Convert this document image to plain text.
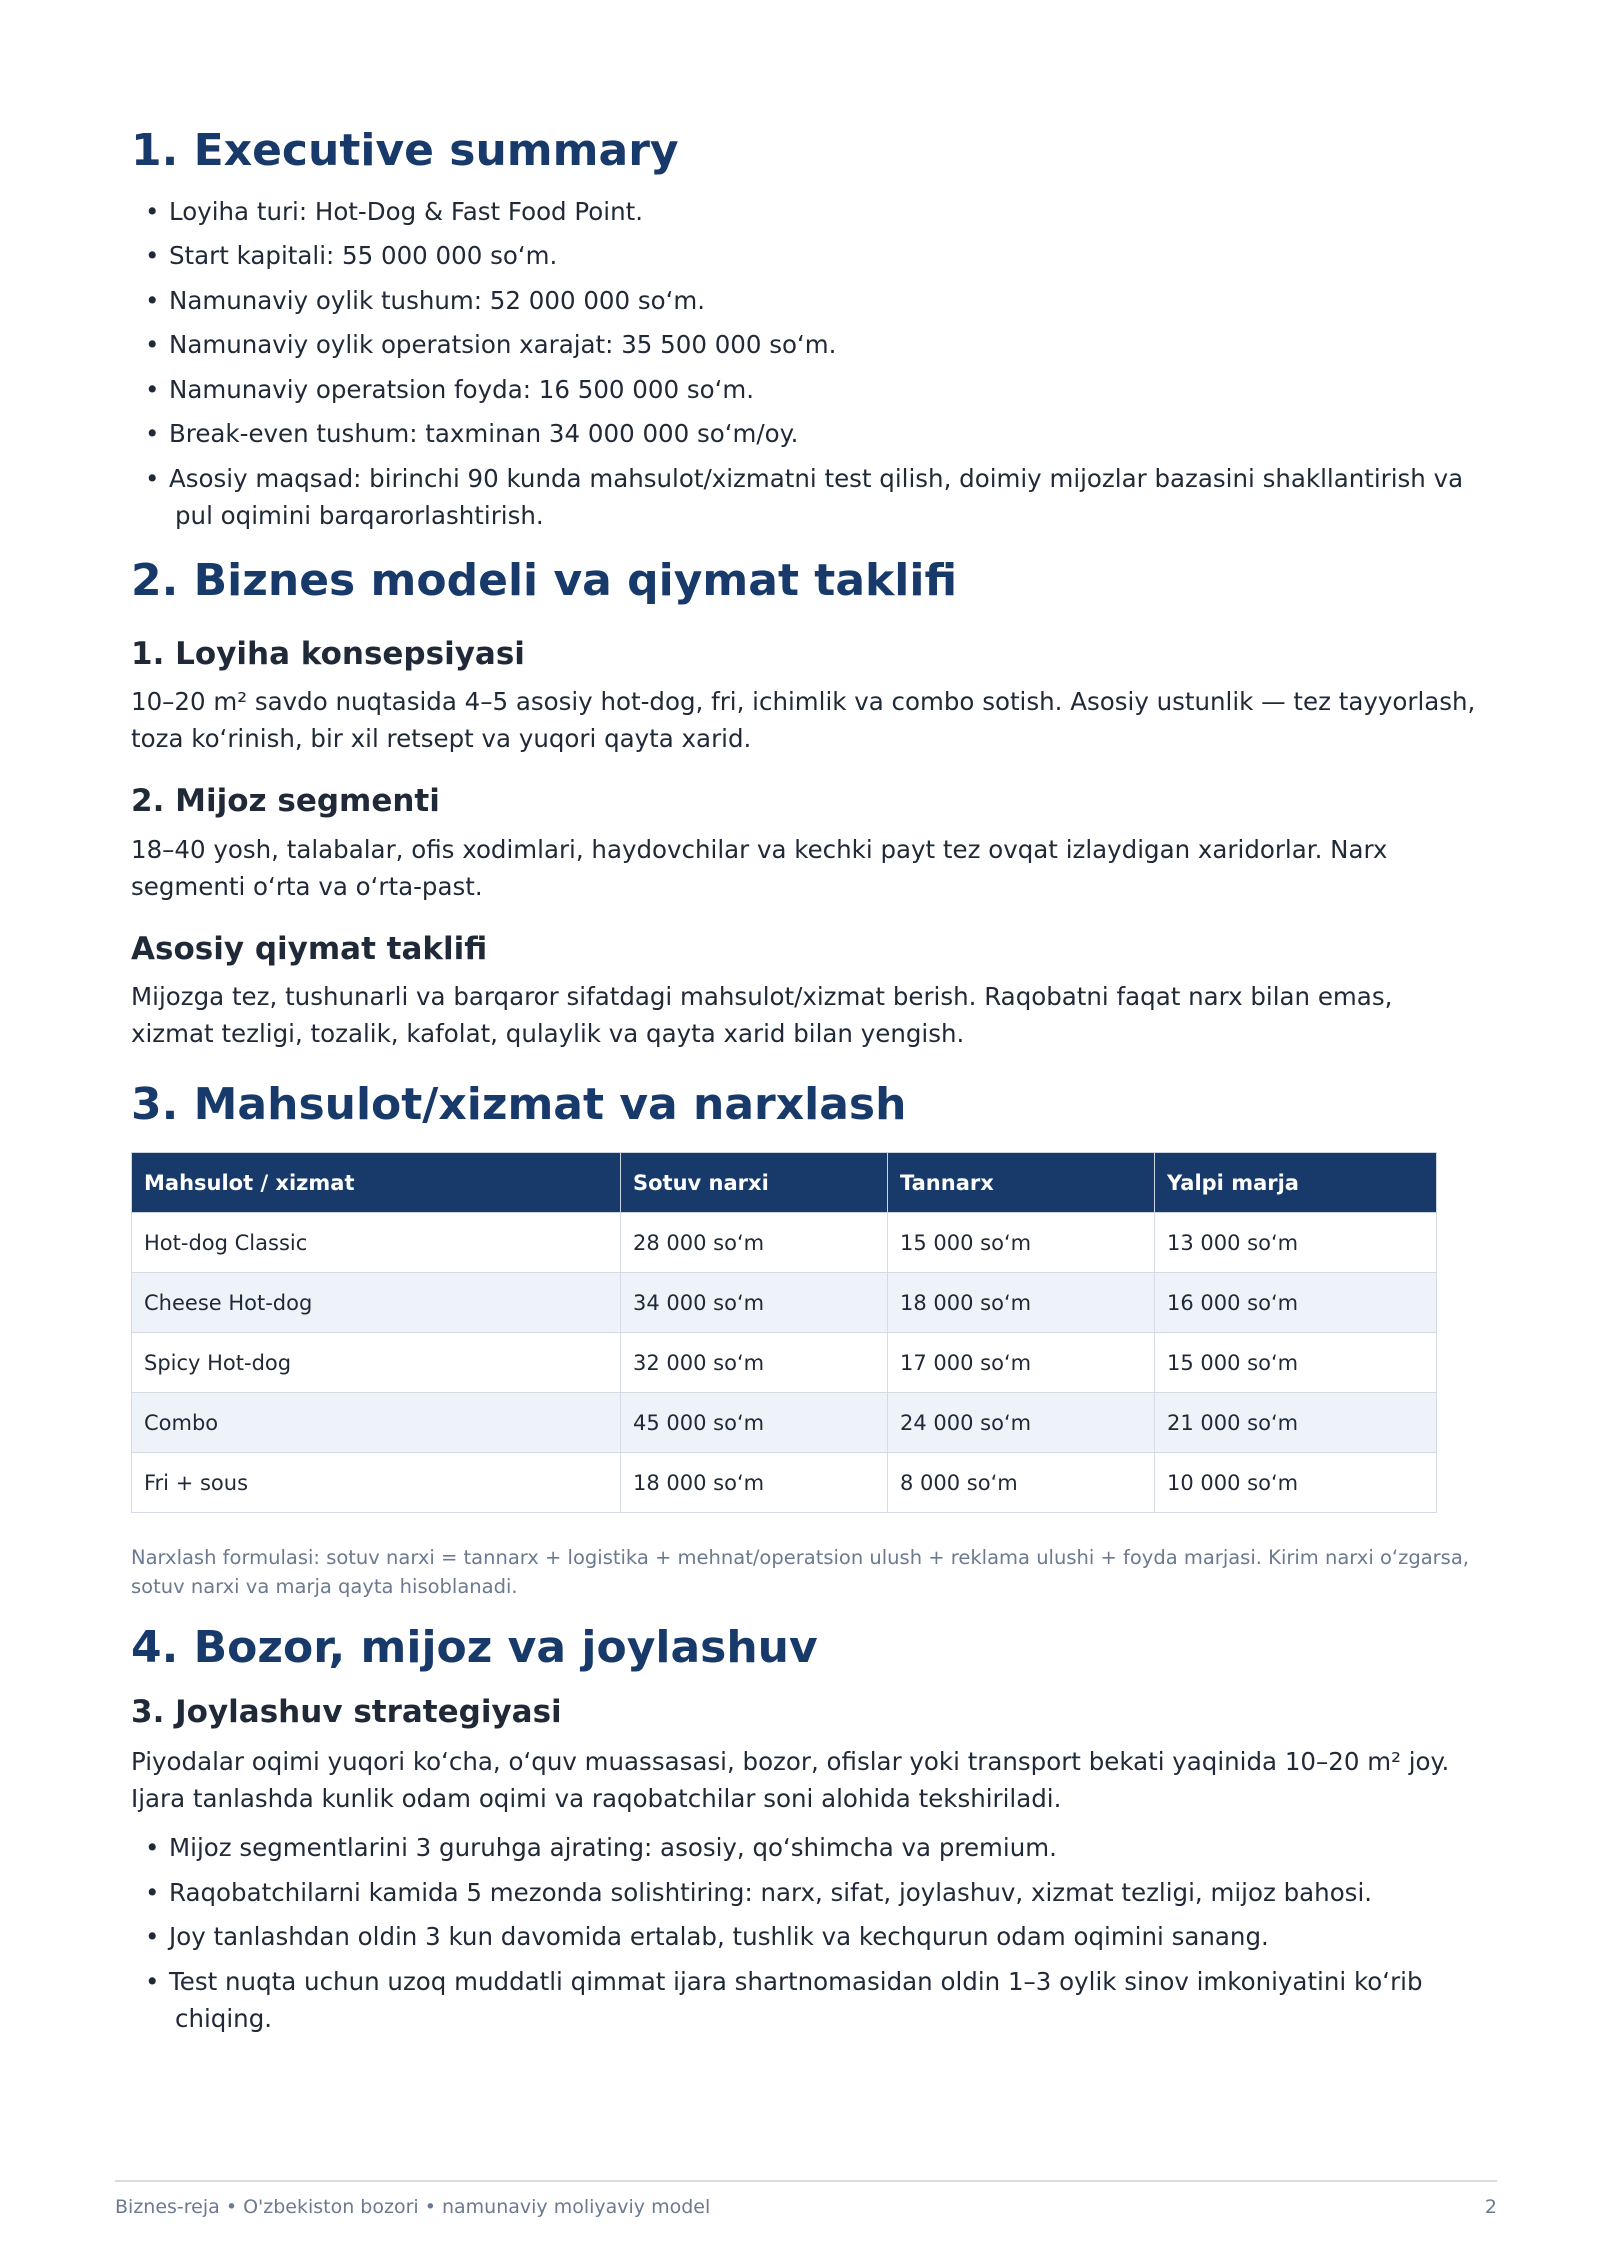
1. Executive summary
• Loyiha turi: Hot-Dog & Fast Food Point.
• Start kapitali: 55 000 000 so‘m.
• Namunaviy oylik tushum: 52 000 000 so‘m.
• Namunaviy oylik operatsion xarajat: 35 500 000 so‘m.
• Namunaviy operatsion foyda: 16 500 000 so‘m.
• Break-even tushum: taxminan 34 000 000 so‘m/oy.
• Asosiy maqsad: birinchi 90 kunda mahsulot/xizmatni test qilish, doimiy mijozlar bazasini shakllantirish va pul oqimini barqarorlashtirish.
2. Biznes modeli va qiymat taklifi
1. Loyiha konsepsiyasi

10–20 m² savdo nuqtasida 4–5 asosiy hot-dog, fri, ichimlik va combo sotish. Asosiy ustunlik — tez tayyorlash, toza ko‘rinish, bir xil retsept va yuqori qayta xarid.

2. Mijoz segmenti

18–40 yosh, talabalar, ofis xodimlari, haydovchilar va kechki payt tez ovqat izlaydigan xaridorlar. Narx segmenti o‘rta va o‘rta-past.

Asosiy qiymat taklifi

Mijozga tez, tushunarli va barqaror sifatdagi mahsulot/xizmat berish. Raqobatni faqat narx bilan emas, xizmat tezligi, tozalik, kafolat, qulaylik va qayta xarid bilan yengish.

3. Mahsulot/xizmat va narxlash
Mahsulot / xizmat	Sotuv narxi	Tannarx	Yalpi marja
Hot-dog Classic	28 000 so‘m	15 000 so‘m	13 000 so‘m
Cheese Hot-dog	34 000 so‘m	18 000 so‘m	16 000 so‘m
Spicy Hot-dog	32 000 so‘m	17 000 so‘m	15 000 so‘m
Combo	45 000 so‘m	24 000 so‘m	21 000 so‘m
Fri + sous	18 000 so‘m	8 000 so‘m	10 000 so‘m

Narxlash formulasi: sotuv narxi = tannarx + logistika + mehnat/operatsion ulush + reklama ulushi + foyda marjasi. Kirim narxi o‘zgarsa, sotuv narxi va marja qayta hisoblanadi.

4. Bozor, mijoz va joylashuv
3. Joylashuv strategiyasi

Piyodalar oqimi yuqori ko‘cha, o‘quv muassasasi, bozor, ofislar yoki transport bekati yaqinida 10–20 m² joy. Ijara tanlashda kunlik odam oqimi va raqobatchilar soni alohida tekshiriladi.

• Mijoz segmentlarini 3 guruhga ajrating: asosiy, qo‘shimcha va premium.
• Raqobatchilarni kamida 5 mezonda solishtiring: narx, sifat, joylashuv, xizmat tezligi, mijoz bahosi.
• Joy tanlashdan oldin 3 kun davomida ertalab, tushlik va kechqurun odam oqimini sanang.
• Test nuqta uchun uzoq muddatli qimmat ijara shartnomasidan oldin 1–3 oylik sinov imkoniyatini ko‘rib chiqing.
Biznes-reja • O'zbekiston bozori • namunaviy moliyaviy model	2
